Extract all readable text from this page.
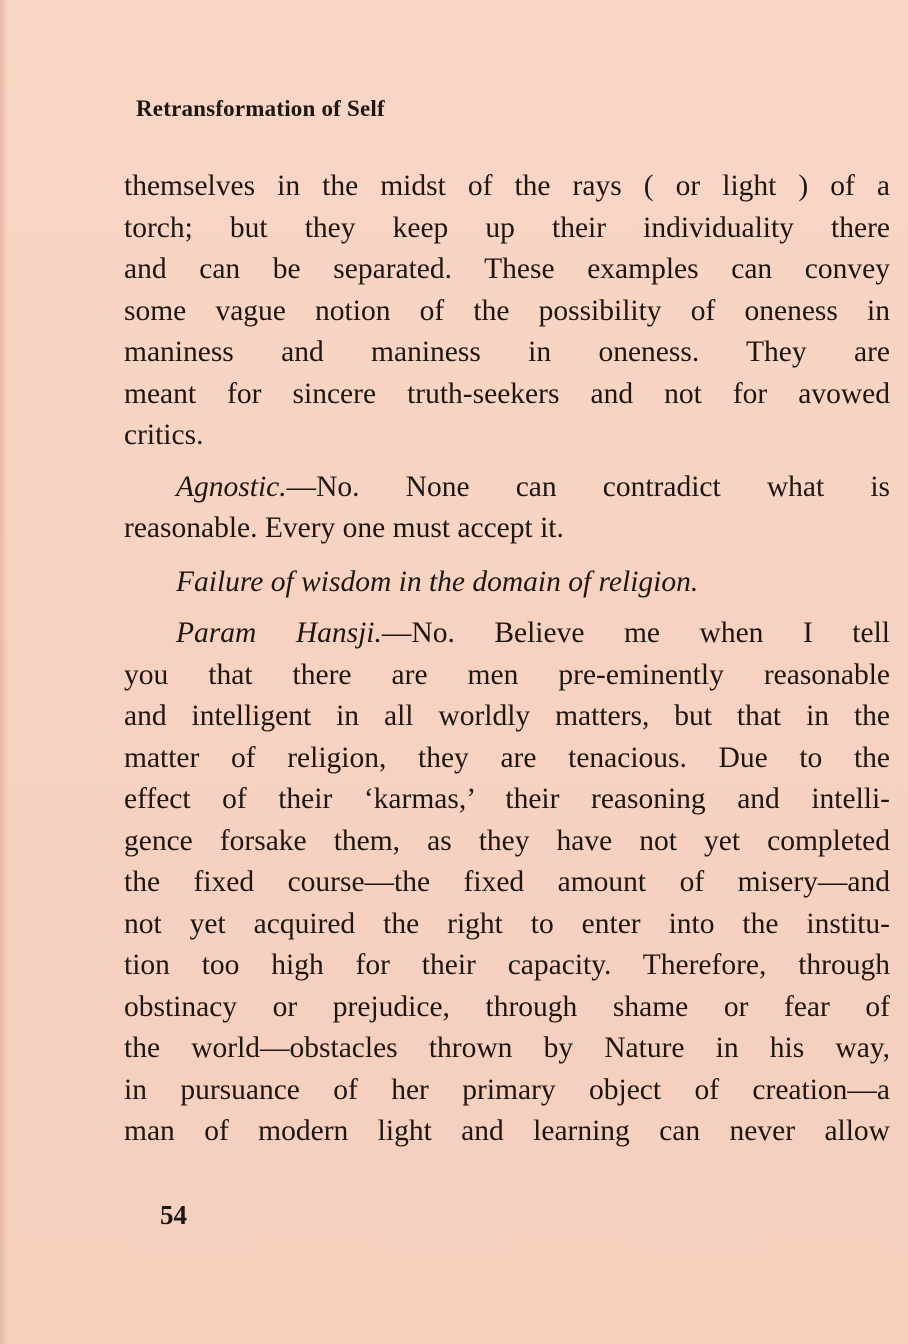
Retransformation of Self
themselves in the midst of the rays ( or light ) of a
torch; but they keep up their individuality there
and can be separated. These examples can convey
some vague notion of the possibility of oneness in
maniness and maniness in oneness. They are
meant for sincere truth-seekers and not for avowed
critics.
Agnostic.—No. None can contradict what is
reasonable. Every one must accept it.
Failure of wisdom in the domain of religion.
Param Hansji.—No. Believe me when I tell
you that there are men pre-eminently reasonable
and intelligent in all worldly matters, but that in the
matter of religion, they are tenacious. Due to the
effect of their ‘karmas,’ their reasoning and intelli-
gence forsake them, as they have not yet completed
the fixed course—the fixed amount of misery—and
not yet acquired the right to enter into the institu-
tion too high for their capacity. Therefore, through
obstinacy or prejudice, through shame or fear of
the world—obstacles thrown by Nature in his way,
in pursuance of her primary object of creation—a
man of modern light and learning can never allow
54
